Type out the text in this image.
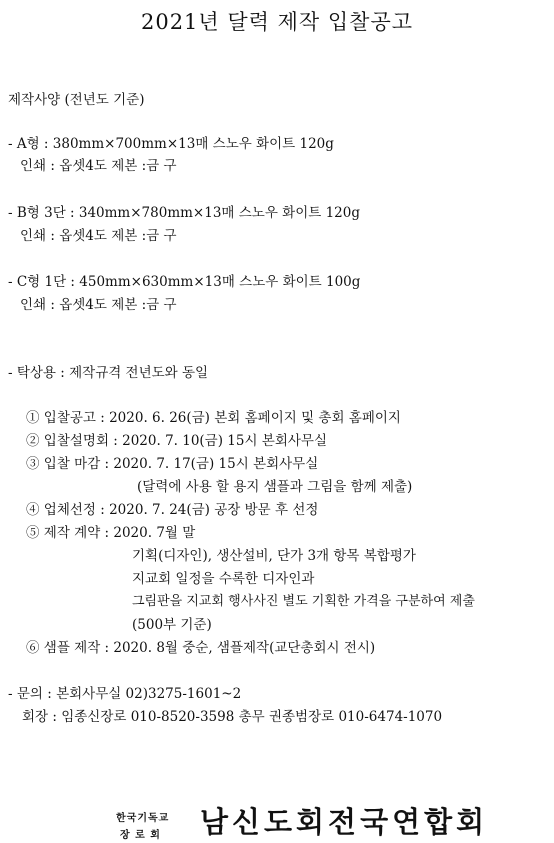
2021년 달력 제작 입찰공고
제작사양 (전년도 기준)
- A형 : 380mm×700mm×13매 스노우 화이트 120g
인쇄 : 옵셋4도 제본 :금 구
- B형 3단 : 340mm×780mm×13매 스노우 화이트 120g
인쇄 : 옵셋4도 제본 :금 구
- C형 1단 : 450mm×630mm×13매 스노우 화이트 100g
인쇄 : 옵셋4도 제본 :금 구
- 탁상용 : 제작규격 전년도와 동일
① 입찰공고 : 2020. 6. 26(금) 본회 홈페이지 및 총회 홈페이지
② 입찰설명회 : 2020. 7. 10(금) 15시 본회사무실
③ 입찰 마감 : 2020. 7. 17(금) 15시 본회사무실
(달력에 사용 할 용지 샘플과 그림을 함께 제출)
④ 업체선정 : 2020. 7. 24(금) 공장 방문 후 선정
⑤ 제작 계약 : 2020. 7월 말
기획(디자인), 생산설비, 단가 3개 항목 복합평가
지교회 일정을 수록한 디자인과
그림판을 지교회 행사사진 별도 기획한 가격을 구분하여 제출
(500부 기준)
⑥ 샘플 제작 : 2020. 8월 중순, 샘플제작(교단총회시 전시)
- 문의 : 본회사무실 02)3275-1601~2
회장 : 임종신장로 010-8520-3598 총무 권종범장로 010-6474-1070
한국기독교
장 로 회 남신도회전국연합회
